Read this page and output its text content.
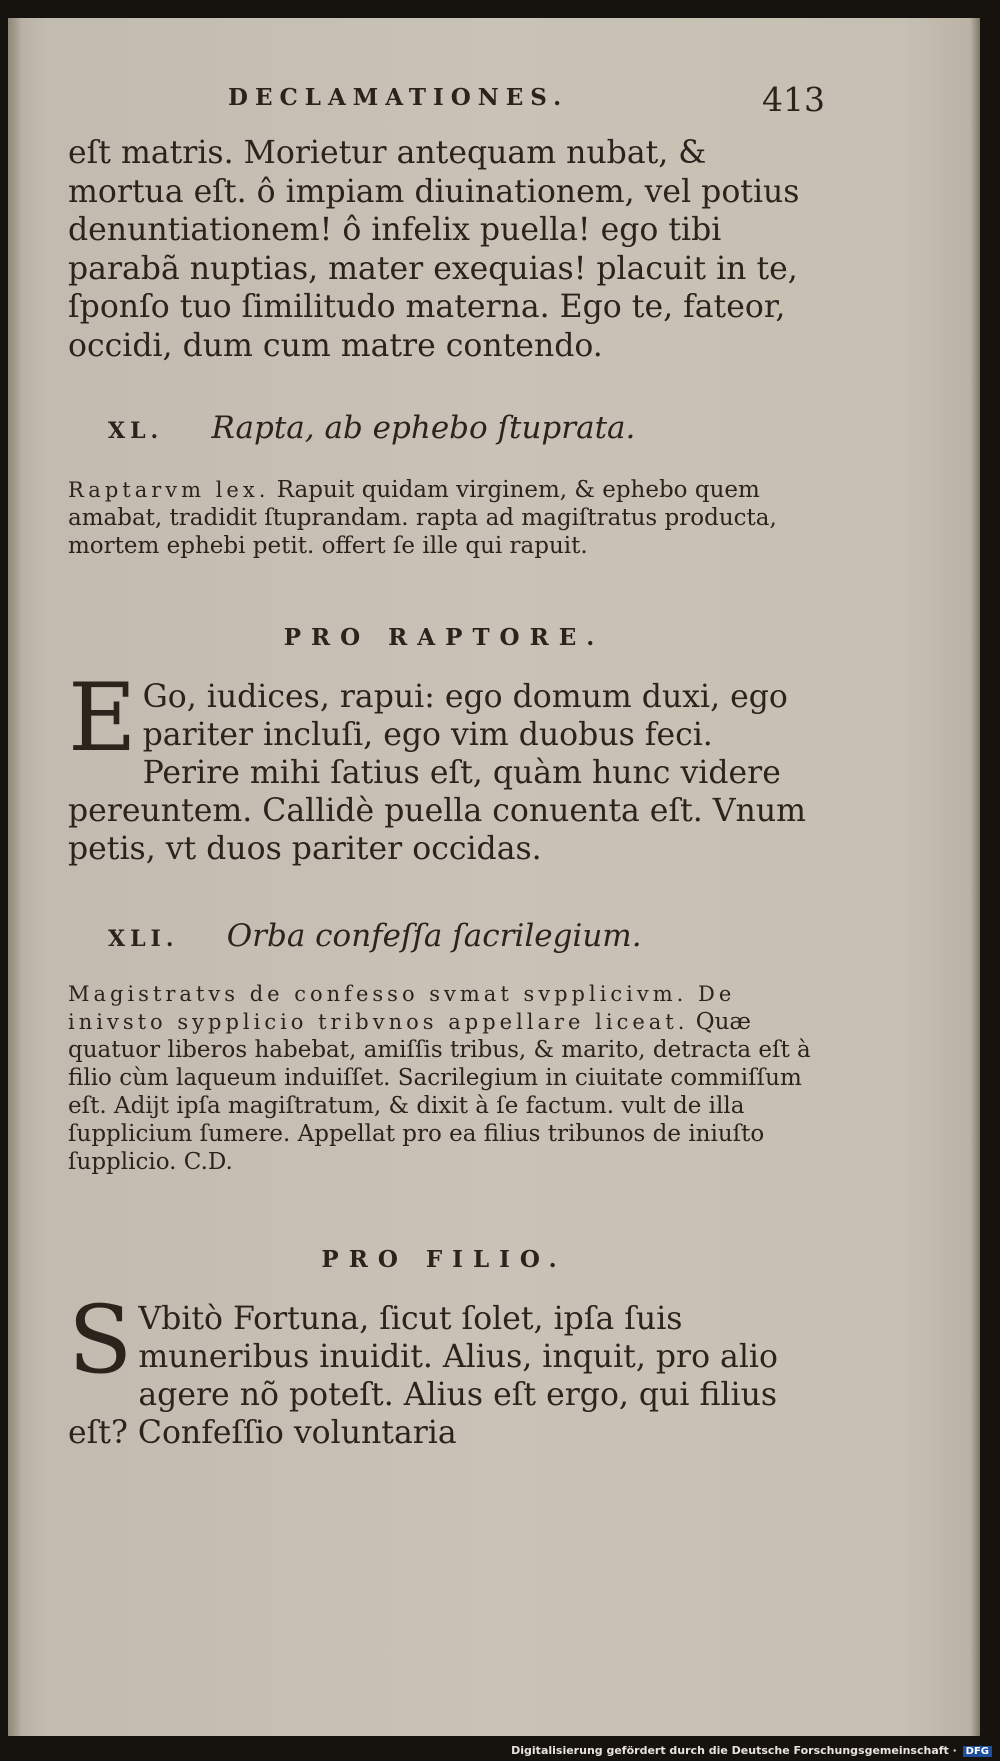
DECLAMATIONES.	413
eſt matris. Morietur antequam nubat, & mortua eſt. ô impiam diuinationem, vel potius denuntiationem! ô infelix puella! ego tibi parabã nuptias, mater exequias! placuit in te, ſponſo tuo ſimilitudo materna. Ego te, fateor, occidi, dum cum matre contendo.
XL. Rapta, ab ephebo ſtuprata.
Raptarvm lex. Rapuit quidam virginem, & ephebo quem amabat, tradidit ſtuprandam. rapta ad magiſtratus producta, mortem ephebi petit. offert ſe ille qui rapuit.
PRO RAPTORE.
E Go, iudices, rapui: ego domum duxi, ego pariter incluſi, ego vim duobus feci. Perire mihi ſatius eſt, quàm hunc videre pereuntem. Callidè puella conuenta eſt. Vnum petis, vt duos pariter occidas.
XLI. Orba confeſſa ſacrilegium.
Magistratvs de confesso svmat svpplicivm. De inivsto sypplicio tribvnos appellare liceat. Quæ quatuor liberos habebat, amiſſis tribus, & marito, detracta eſt à filio cùm laqueum induiſſet. Sacrilegium in ciuitate commiſſum eſt. Adijt ipſa magiſtratum, & dixit à ſe factum. vult de illa ſupplicium ſumere. Appellat pro ea filius tribunos de iniuſto ſupplicio. C.D.
PRO FILIO.
S Vbitò Fortuna, ſicut ſolet, ipſa ſuis muneribus inuidit. Alius, inquit, pro alio agere nõ poteſt. Alius eſt ergo, qui filius eſt? Confeſſio voluntaria
Digitalisierung gefördert durch die Deutsche Forschungsgemeinschaft · DFG
